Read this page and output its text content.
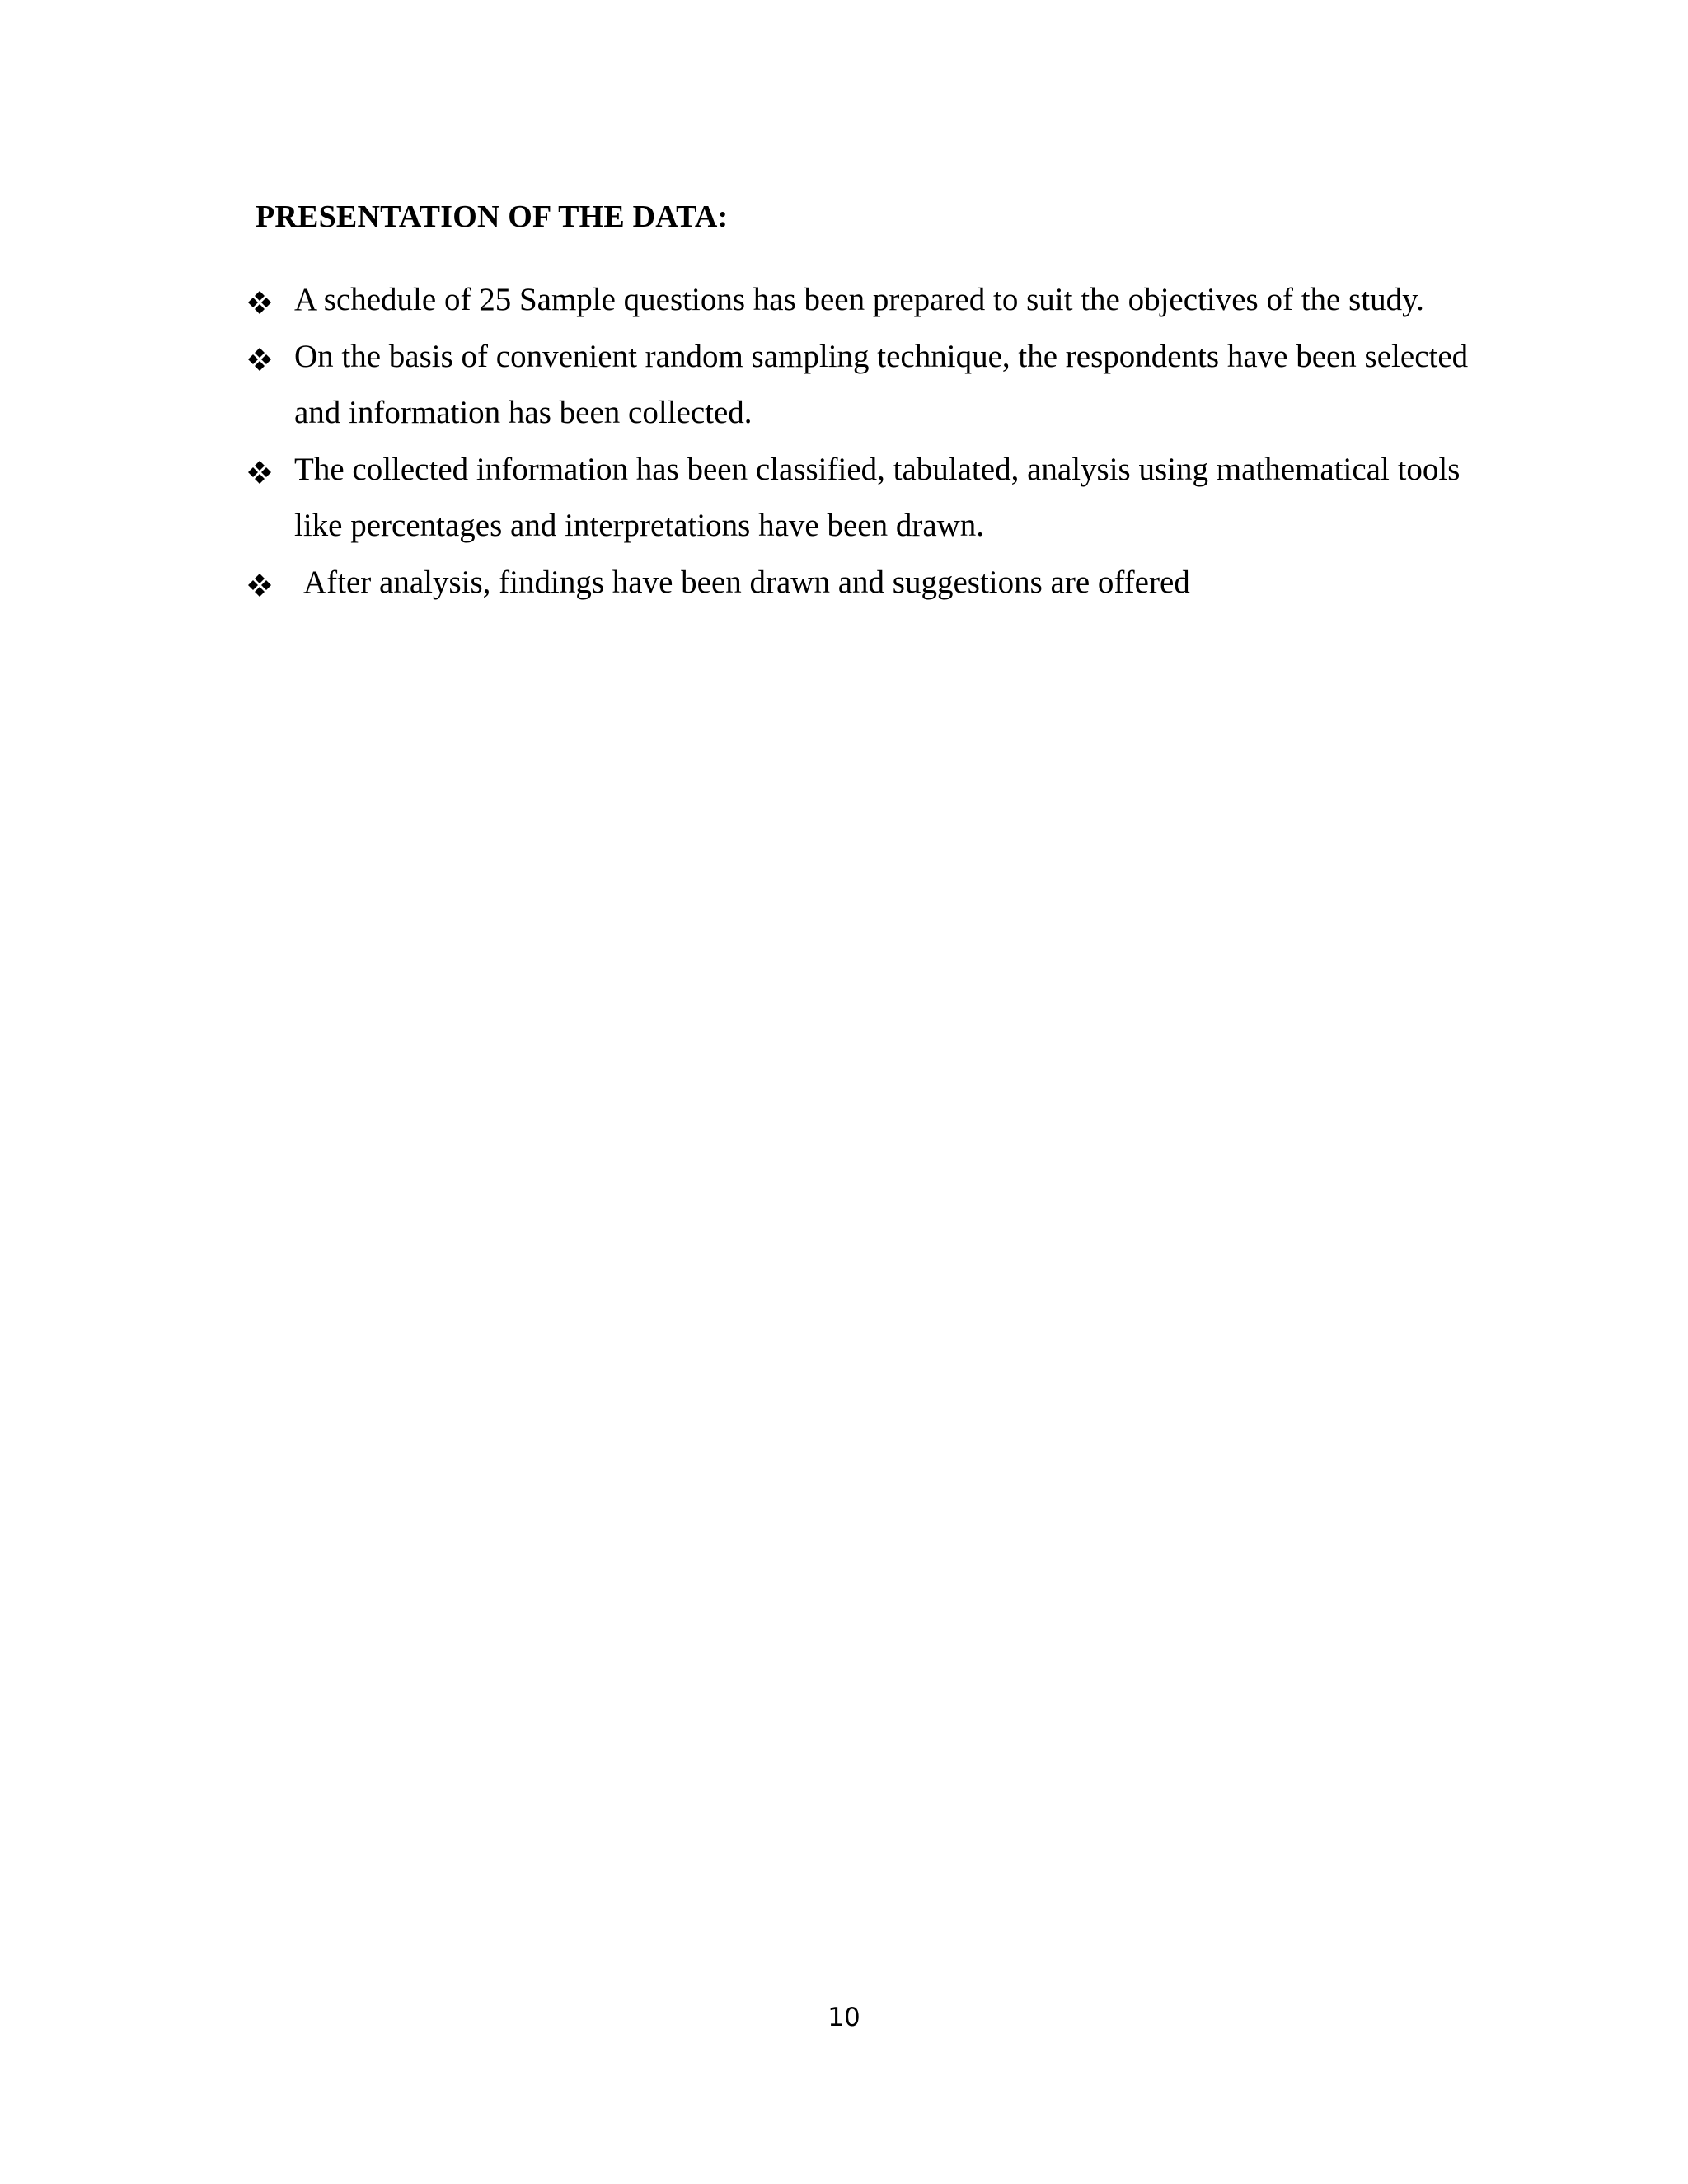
PRESENTATION OF THE DATA:
A schedule of 25 Sample questions has been prepared to suit the objectives of the study.
On the basis of convenient random sampling technique, the respondents have been selected and information has been collected.
The collected information has been classified, tabulated, analysis using mathematical tools like percentages and interpretations have been drawn.
After analysis, findings have been drawn and suggestions are offered
10
